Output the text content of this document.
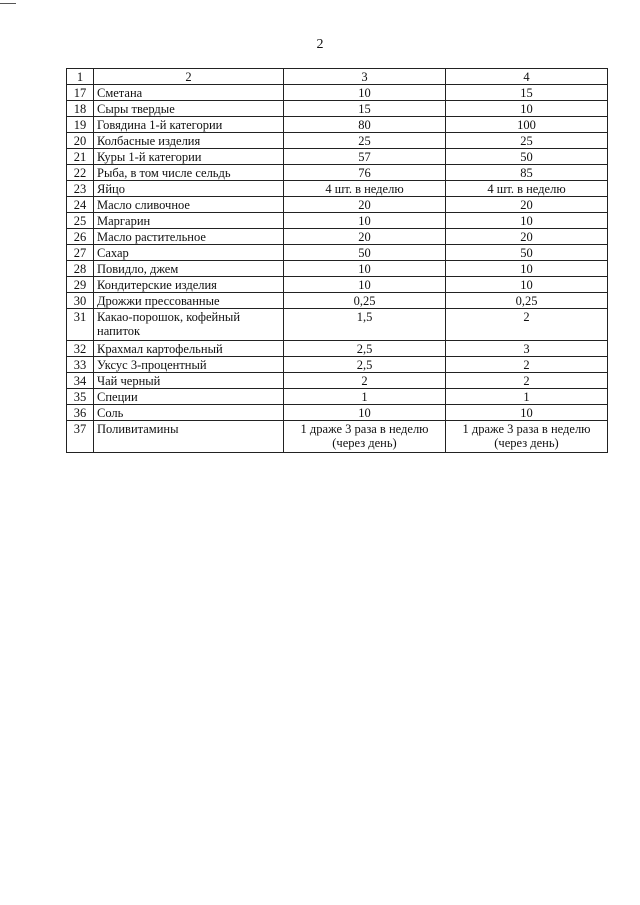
2
1	2	3	4
17	Сметана	10	15
18	Сыры твердые	15	10
19	Говядина 1-й категории	80	100
20	Колбасные изделия	25	25
21	Куры 1-й категории	57	50
22	Рыба, в том числе сельдь	76	85
23	Яйцо	4 шт. в неделю	4 шт. в неделю
24	Масло сливочное	20	20
25	Маргарин	10	10
26	Масло растительное	20	20
27	Сахар	50	50
28	Повидло, джем	10	10
29	Кондитерские изделия	10	10
30	Дрожжи прессованные	0,25	0,25
31	Какао-порошок, кофейный напиток	1,5	2
32	Крахмал картофельный	2,5	3
33	Уксус 3-процентный	2,5	2
34	Чай черный	2	2
35	Специи	1	1
36	Соль	10	10
37	Поливитамины	1 драже 3 раза в неделю (через день)	1 драже 3 раза в неделю (через день)
